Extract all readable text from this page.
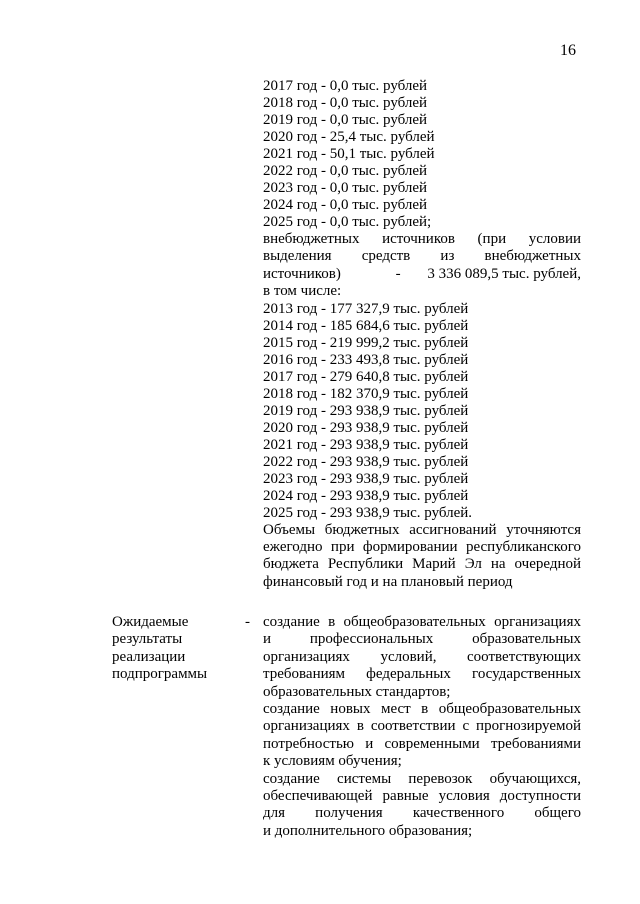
16
2017 год - 0,0 тыс. рублей
2018 год - 0,0 тыс. рублей
2019 год - 0,0 тыс. рублей
2020 год - 25,4 тыс. рублей
2021 год - 50,1 тыс. рублей
2022 год - 0,0 тыс. рублей
2023 год - 0,0 тыс. рублей
2024 год - 0,0 тыс. рублей
2025 год - 0,0 тыс. рублей;
внебюджетных источников (при условии
выделения средств из внебюджетных
источников)	- 3 336 089,5 тыс. рублей,
в том числе:
2013 год - 177 327,9 тыс. рублей
2014 год - 185 684,6 тыс. рублей
2015 год - 219 999,2 тыс. рублей
2016 год - 233 493,8 тыс. рублей
2017 год - 279 640,8 тыс. рублей
2018 год - 182 370,9 тыс. рублей
2019 год - 293 938,9 тыс. рублей
2020 год - 293 938,9 тыс. рублей
2021 год - 293 938,9 тыс. рублей
2022 год - 293 938,9 тыс. рублей
2023 год - 293 938,9 тыс. рублей
2024 год - 293 938,9 тыс. рублей
2025 год - 293 938,9 тыс. рублей.
Объемы бюджетных ассигнований уточняются
ежегодно при формировании республиканского
бюджета Республики Марий Эл на очередной
финансовый год и на плановый период
Ожидаемые
результаты
реализации
подпрограммы
- создание в общеобразовательных организациях
и профессиональных образовательных
организациях условий, соответствующих
требованиям федеральных государственных
образовательных стандартов;
создание новых мест в общеобразовательных
организациях в соответствии с прогнозируемой
потребностью и современными требованиями
к условиям обучения;
создание системы перевозок обучающихся,
обеспечивающей равные условия доступности
для получения качественного общего
и дополнительного образования;
